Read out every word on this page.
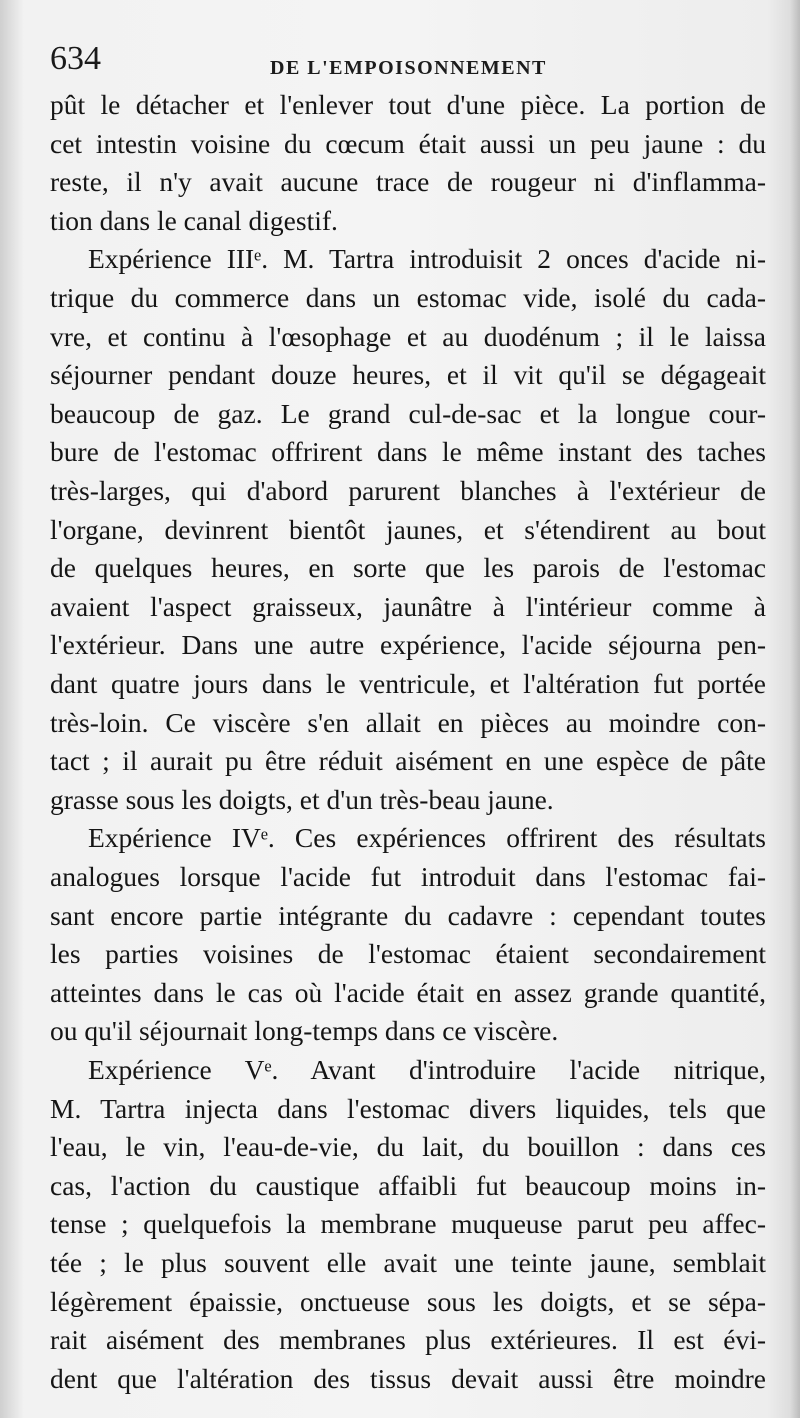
634	DE L'EMPOISONNEMENT
pût le détacher et l'enlever tout d'une pièce. La portion de
cet intestin voisine du cœcum était aussi un peu jaune : du
reste, il n'y avait aucune trace de rougeur ni d'inflamma-
tion dans le canal digestif.
Expérience IIIᵉ. M. Tartra introduisit 2 onces d'acide ni-
trique du commerce dans un estomac vide, isolé du cada-
vre, et continu à l'œsophage et au duodénum ; il le laissa
séjourner pendant douze heures, et il vit qu'il se dégageait
beaucoup de gaz. Le grand cul-de-sac et la longue cour-
bure de l'estomac offrirent dans le même instant des taches
très-larges, qui d'abord parurent blanches à l'extérieur de
l'organe, devinrent bientôt jaunes, et s'étendirent au bout
de quelques heures, en sorte que les parois de l'estomac
avaient l'aspect graisseux, jaunâtre à l'intérieur comme à
l'extérieur. Dans une autre expérience, l'acide séjourna pen-
dant quatre jours dans le ventricule, et l'altération fut portée
très-loin. Ce viscère s'en allait en pièces au moindre con-
tact ; il aurait pu être réduit aisément en une espèce de pâte
grasse sous les doigts, et d'un très-beau jaune.
Expérience IVᵉ. Ces expériences offrirent des résultats
analogues lorsque l'acide fut introduit dans l'estomac fai-
sant encore partie intégrante du cadavre : cependant toutes
les parties voisines de l'estomac étaient secondairement
atteintes dans le cas où l'acide était en assez grande quantité,
ou qu'il séjournait long-temps dans ce viscère.
Expérience Vᵉ. Avant d'introduire l'acide nitrique,
M. Tartra injecta dans l'estomac divers liquides, tels que
l'eau, le vin, l'eau-de-vie, du lait, du bouillon : dans ces
cas, l'action du caustique affaibli fut beaucoup moins in-
tense ; quelquefois la membrane muqueuse parut peu affec-
tée ; le plus souvent elle avait une teinte jaune, semblait
légèrement épaissie, onctueuse sous les doigts, et se sépa-
rait aisément des membranes plus extérieures. Il est évi-
dent que l'altération des tissus devait aussi être moindre
